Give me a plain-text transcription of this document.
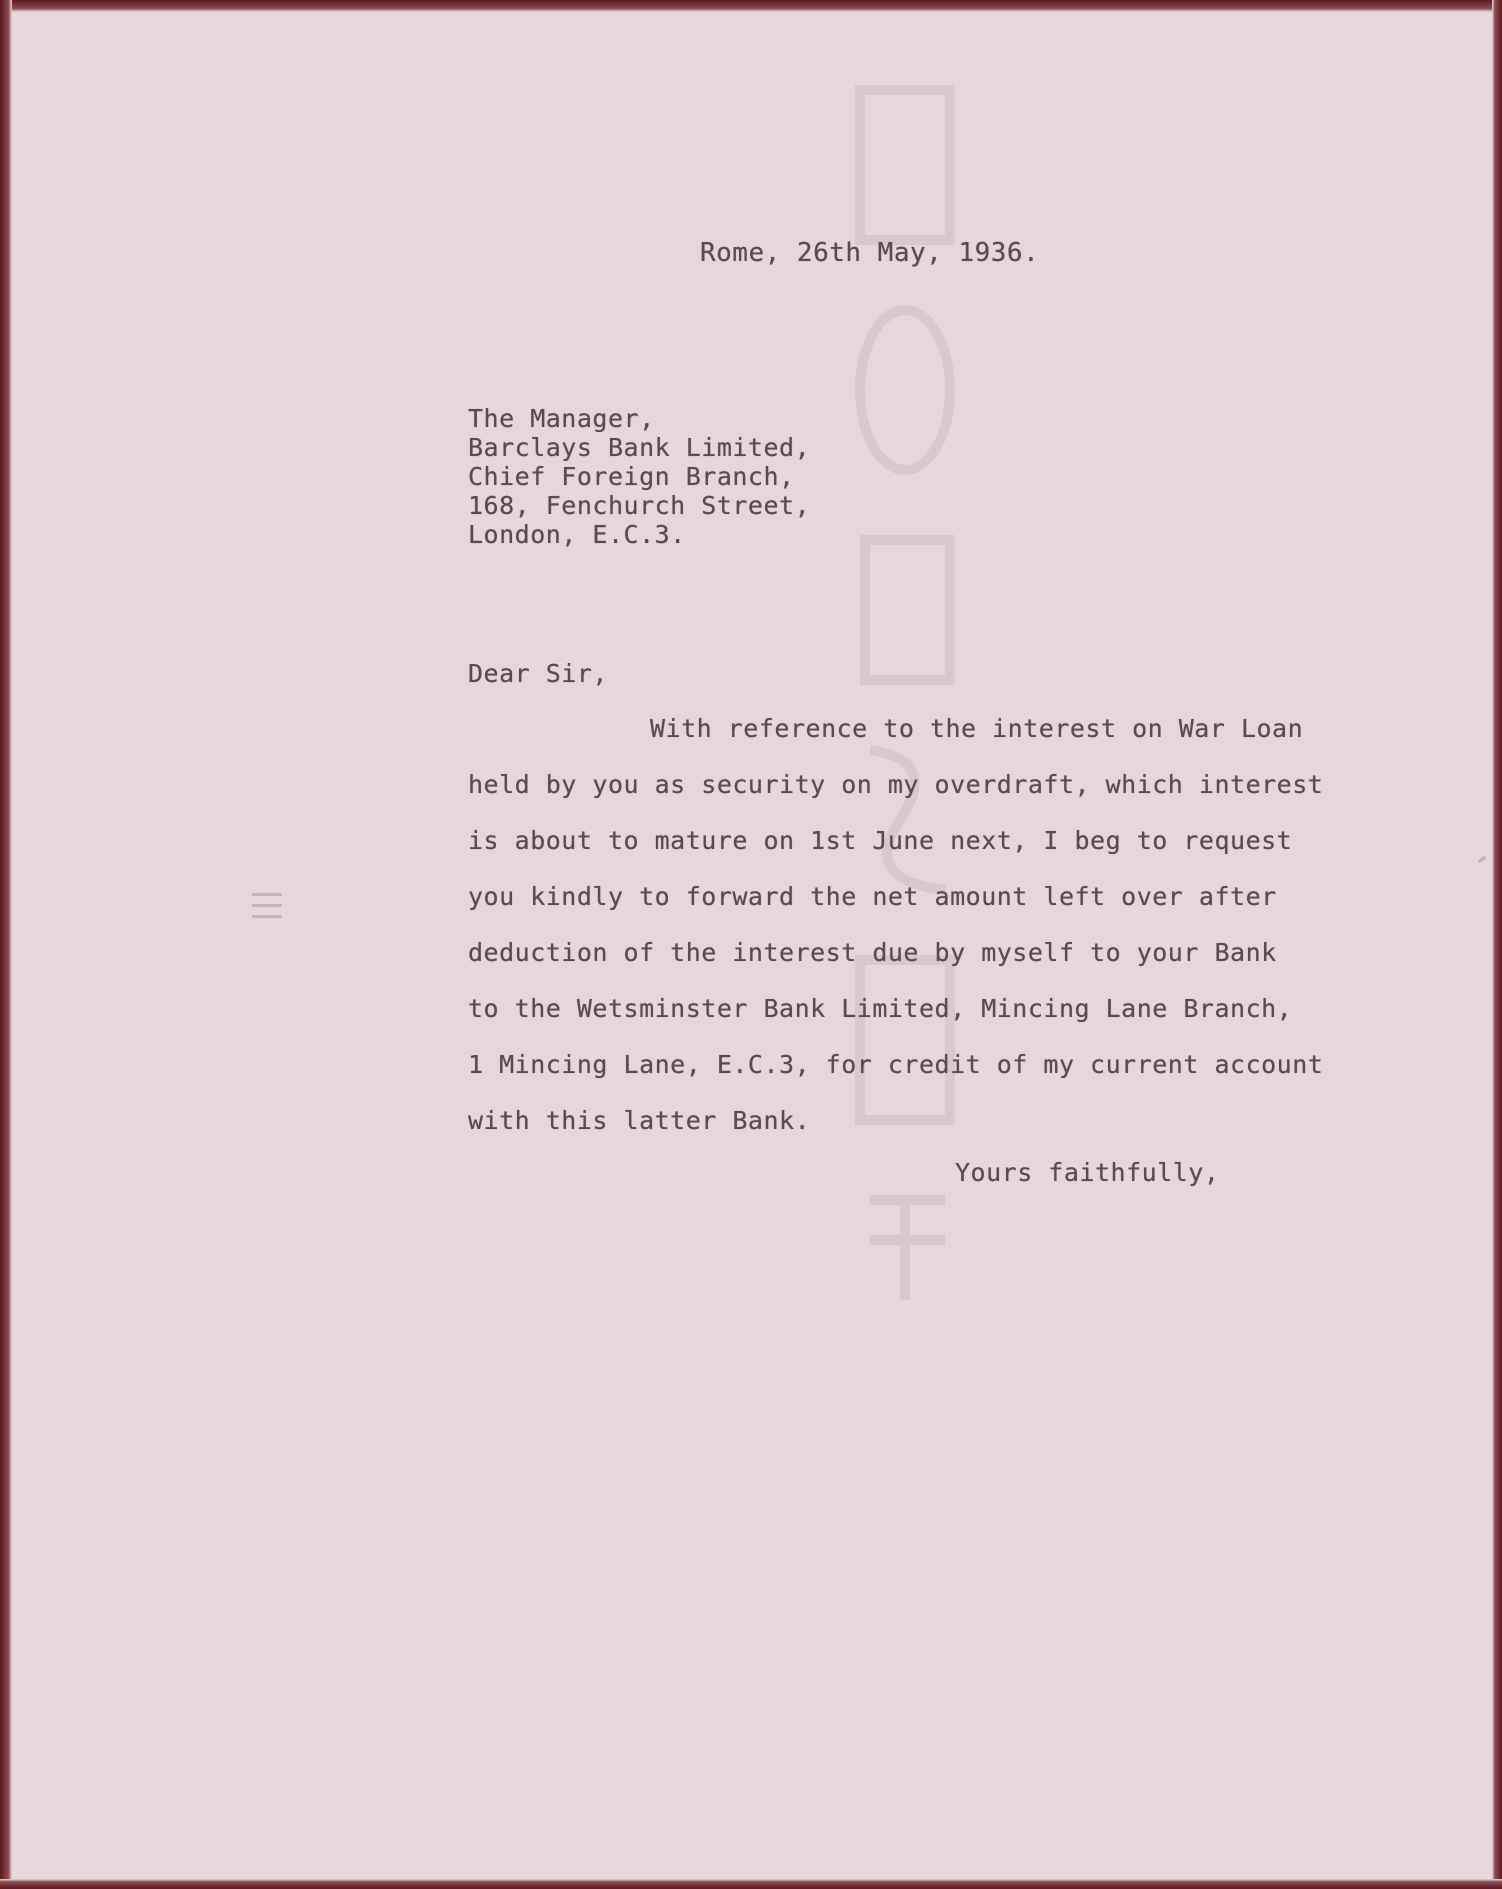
Rome, 26th May, 1936.
The Manager,
Barclays Bank Limited,
Chief Foreign Branch,
168, Fenchurch Street,
London, E.C.3.
Dear Sir,
With reference to the interest on War Loan
held by you as security on my overdraft, which interest
is about to mature on 1st June next, I beg to request
you kindly to forward the net amount left over after
deduction of the interest due by myself to your Bank
to the Wetsminster Bank Limited, Mincing Lane Branch,
1 Mincing Lane, E.C.3, for credit of my current account
with this latter Bank.
Yours faithfully,
